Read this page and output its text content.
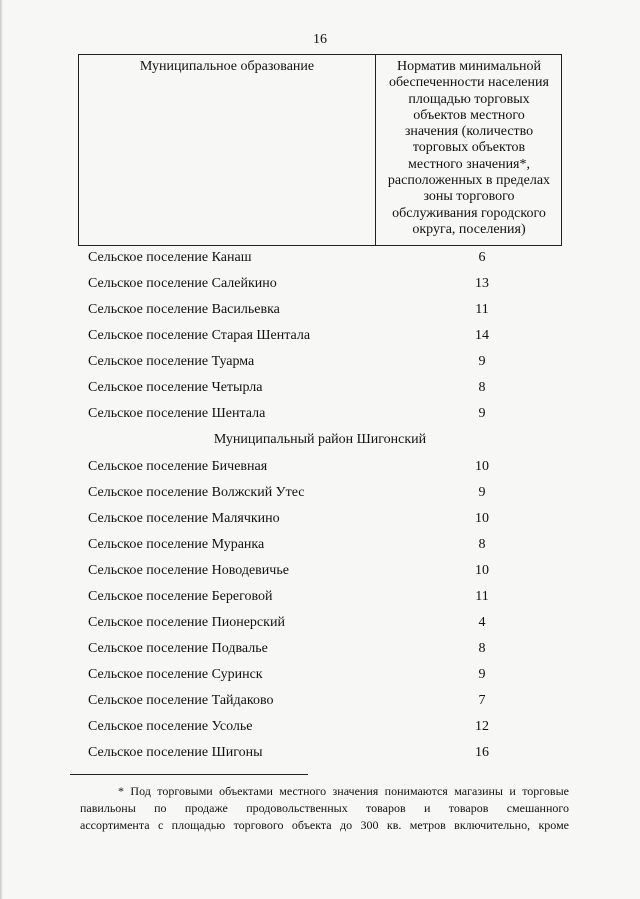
16
Муниципальное образование	Норматив минимальной
обеспеченности населения
площадью торговых
объектов местного
значения (количество
торговых объектов
местного значения*,
расположенных в пределах
зоны торгового
обслуживания городского
округа, поселения)
Сельское поселение Канаш	6
Сельское поселение Салейкино	13
Сельское поселение Васильевка	11
Сельское поселение Старая Шентала	14
Сельское поселение Туарма	9
Сельское поселение Четырла	8
Сельское поселение Шентала	9
Муниципальный район Шигонский
Сельское поселение Бичевная	10
Сельское поселение Волжский Утес	9
Сельское поселение Малячкино	10
Сельское поселение Муранка	8
Сельское поселение Новодевичье	10
Сельское поселение Береговой	11
Сельское поселение Пионерский	4
Сельское поселение Подвалье	8
Сельское поселение Суринск	9
Сельское поселение Тайдаково	7
Сельское поселение Усолье	12
Сельское поселение Шигоны	16

* Под торговыми объектами местного значения понимаются магазины и торговые

павильоны по продаже продовольственных товаров и товаров смешанного

ассортимента с площадью торгового объекта до 300 кв. метров включительно, кроме
